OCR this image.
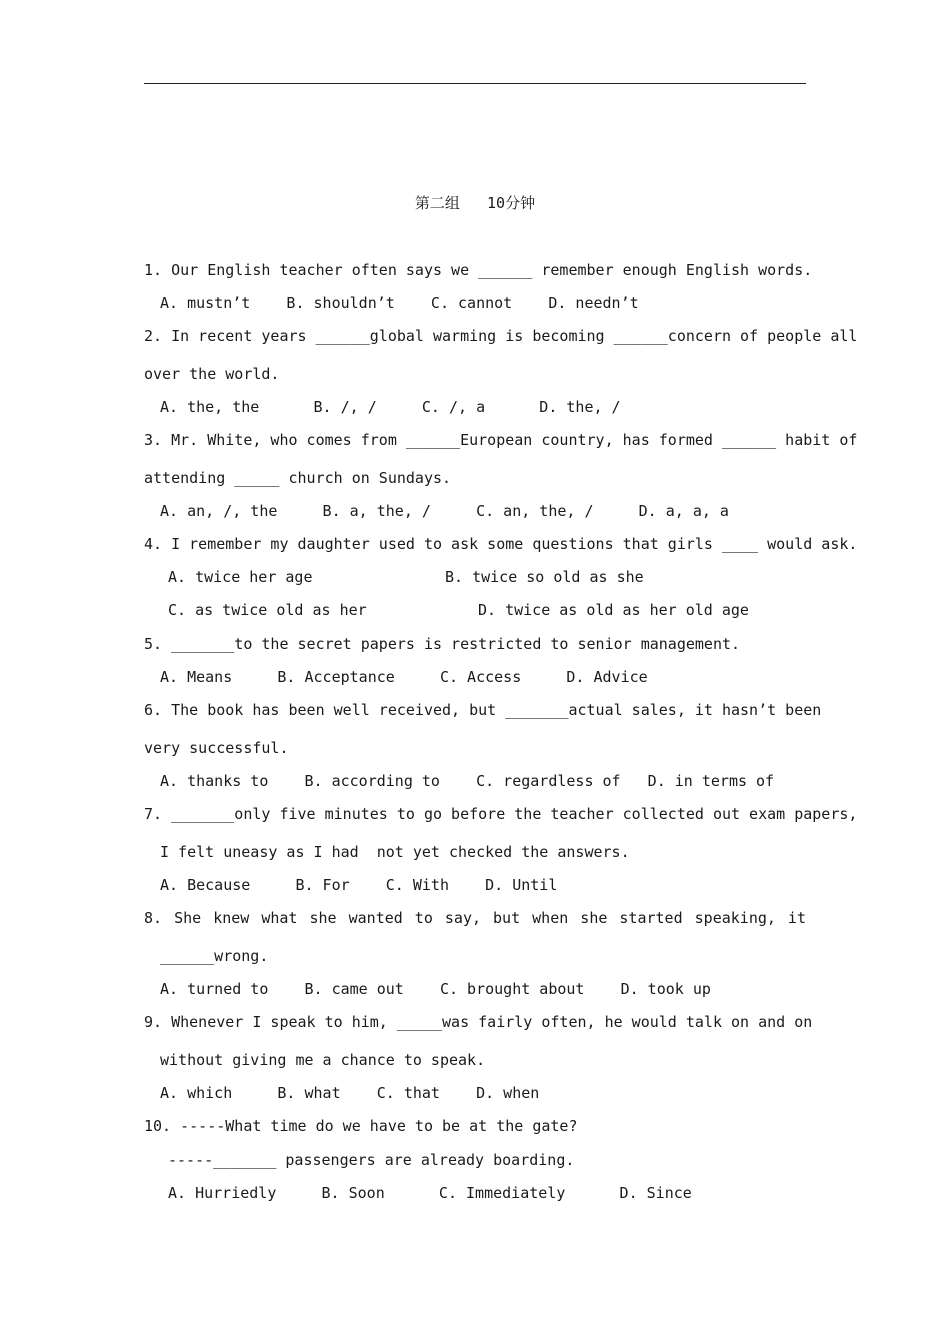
第二组   10分钟
1. Our English teacher often says we ______ remember enough English words.
A. mustn’t    B. shouldn’t    C. cannot    D. needn’t
2. In recent years ______global warming is becoming ______concern of people all
over the world.
A. the, the      B. /, /     C. /, a      D. the, /
3. Mr. White, who comes from ______European country, has formed ______ habit of
attending _____ church on Sundays.
A. an, /, the     B. a, the, /     C. an, the, /     D. a, a, a
4. I remember my daughter used to ask some questions that girls ____ would ask.
A. twice her age	B. twice so old as she
C. as twice old as her	D. twice as old as her old age
5. _______to the secret papers is restricted to senior management.
A. Means     B. Acceptance     C. Access     D. Advice
6. The book has been well received, but _______actual sales, it hasn’t been
very successful.
A. thanks to    B. according to    C. regardless of   D. in terms of
7. _______only five minutes to go before the teacher collected out exam papers,
I felt uneasy as I had  not yet checked the answers.
A. Because     B. For    C. With    D. Until
8. She knew what she wanted to say, but when she started speaking, it
______wrong.
A. turned to    B. came out    C. brought about    D. took up
9. Whenever I speak to him, _____was fairly often, he would talk on and on
without giving me a chance to speak.
A. which     B. what    C. that    D. when
10. -----What time do we have to be at the gate?
-----_______ passengers are already boarding.
A. Hurriedly     B. Soon      C. Immediately      D. Since
